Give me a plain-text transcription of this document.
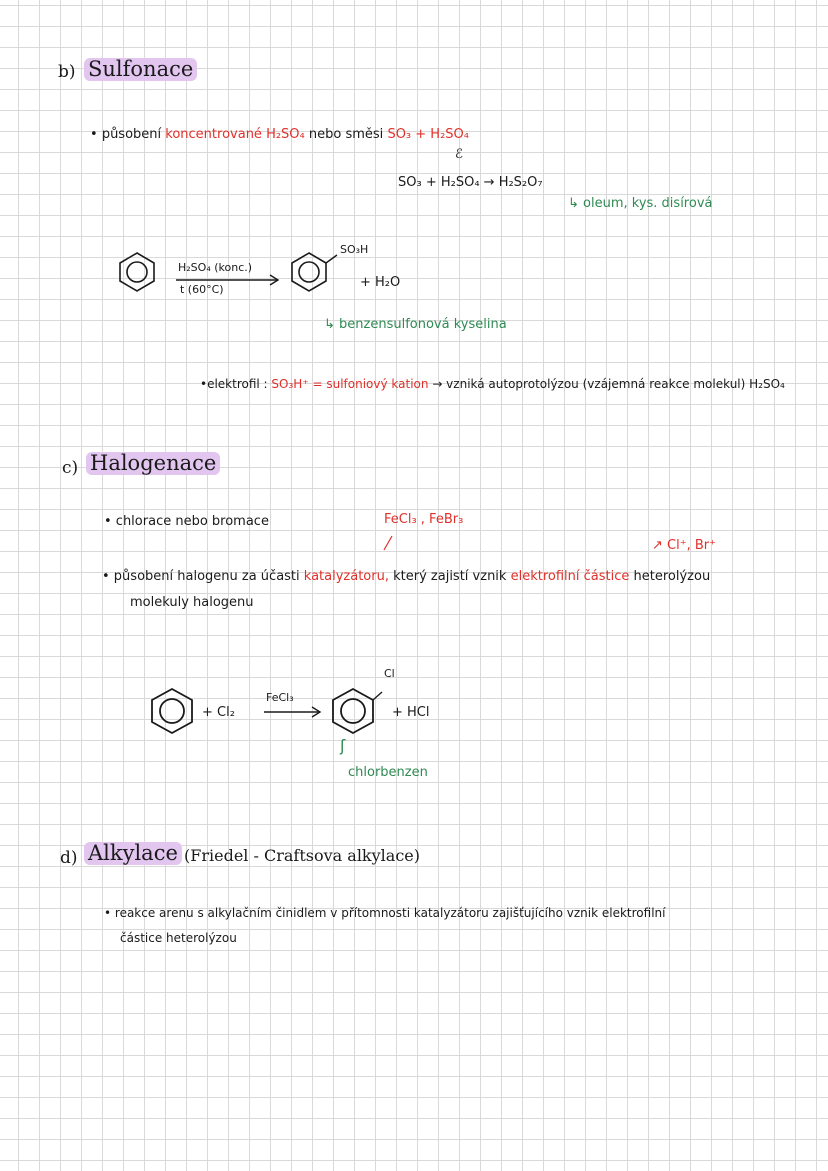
b) Sulfonace
• působení koncentrované H₂SO₄ nebo směsi SO₃ + H₂SO₄
ℰ
SO₃ + H₂SO₄ → H₂S₂O₇
↳ oleum, kys. disírová
H₂SO₄ (konc.)
t (60°C)
SO₃H
+ H₂O
↳ benzensulfonová kyselina
•elektrofil : SO₃H⁺ = sulfoniový kation → vzniká autoprotolýzou (vzájemná reakce molekul) H₂SO₄
c) Halogenace
• chlorace nebo bromace	FeCl₃ , FeBr₃
↗ Cl⁺, Br⁺
• působení halogenu za účasti katalyzátoru, který zajistí vznik elektrofilní částice heterolýzou
molekuly halogenu
+ Cl₂
FeCl₃
Cl
+ HCl
ʃ
chlorbenzen
d) Alkylace (Friedel - Craftsova alkylace)
• reakce arenu s alkylačním činidlem v přítomnosti katalyzátoru zajišťujícího vznik elektrofilní
částice heterolýzou
